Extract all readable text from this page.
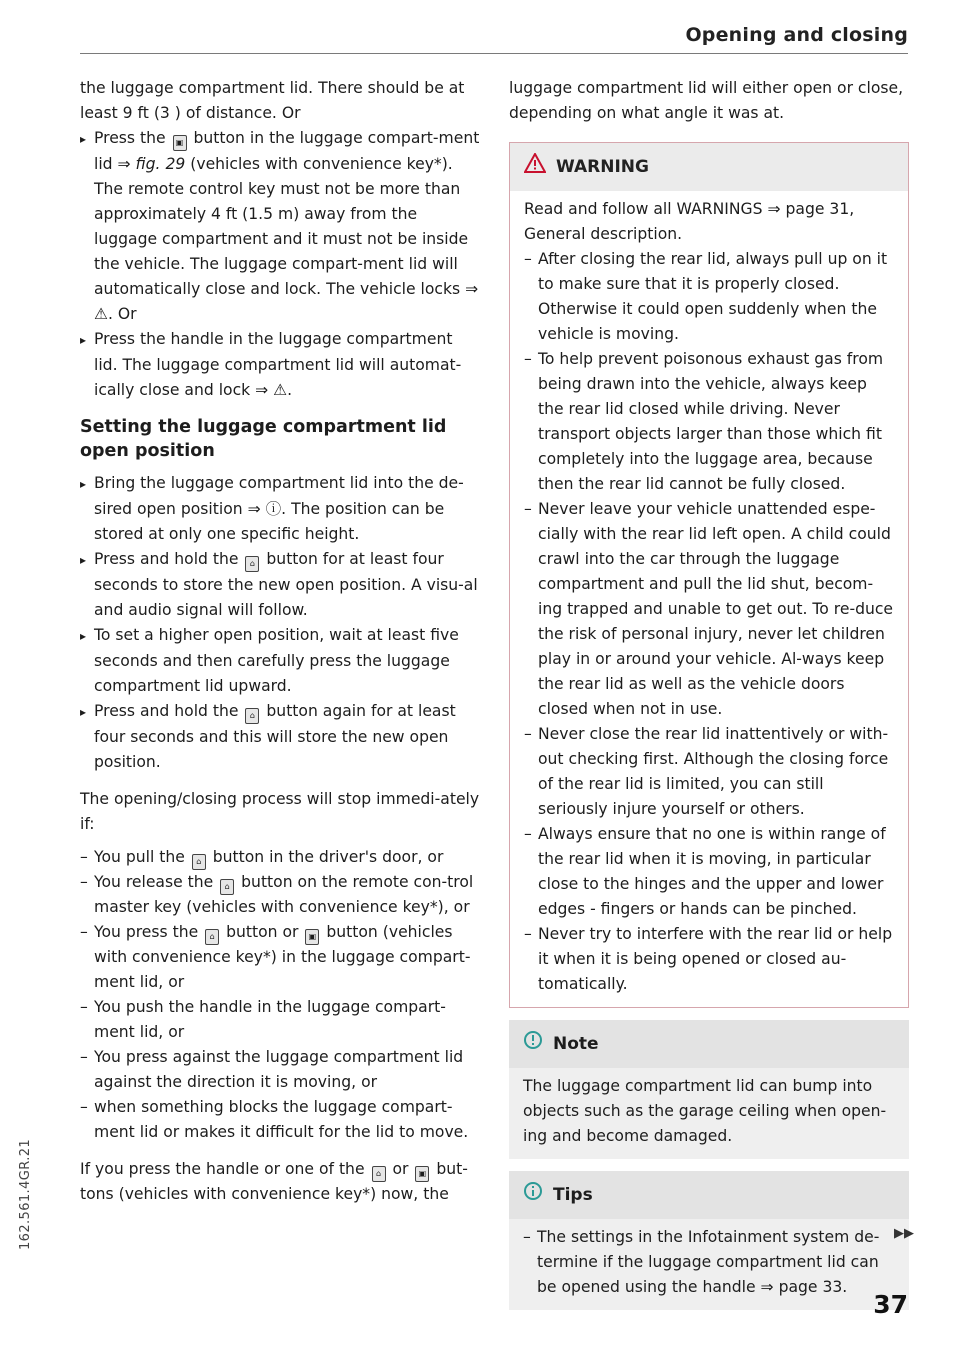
Opening and closing

the luggage compartment lid. There should be at least 9 ft (3 ) of distance. Or

▸ Press the ▣ button in the luggage compart-ment lid ⇒ fig. 29 (vehicles with convenience key*). The remote control key must not be more than approximately 4 ft (1.5 m) away from the luggage compartment and it must not be inside the vehicle. The luggage compart-ment lid will automatically close and lock. The vehicle locks ⇒ ⚠. Or

▸ Press the handle in the luggage compartment lid. The luggage compartment lid will automat-ically close and lock ⇒ ⚠.

Setting the luggage compartment lid open position

▸ Bring the luggage compartment lid into the de-sired open position ⇒ ⓘ. The position can be stored at only one specific height.

▸ Press and hold the ⌂ button for at least four seconds to store the new open position. A visu-al and audio signal will follow.

▸ To set a higher open position, wait at least five seconds and then carefully press the luggage compartment lid upward.

▸ Press and hold the ⌂ button again for at least four seconds and this will store the new open position.

The opening/closing process will stop immedi-ately if:

– You pull the ⌂ button in the driver's door, or

– You release the ⌂ button on the remote con-trol master key (vehicles with convenience key*), or

– You press the ⌂ button or ▣ button (vehicles with convenience key*) in the luggage compart-ment lid, or

– You push the handle in the luggage compart-ment lid, or

– You press against the luggage compartment lid against the direction it is moving, or

– when something blocks the luggage compart-ment lid or makes it difficult for the lid to move.

If you press the handle or one of the ⌂ or ▣ but-tons (vehicles with convenience key*) now, the

luggage compartment lid will either open or close, depending on what angle it was at.

WARNING

Read and follow all WARNINGS ⇒ page 31, General description.

– After closing the rear lid, always pull up on it to make sure that it is properly closed. Otherwise it could open suddenly when the vehicle is moving.

– To help prevent poisonous exhaust gas from being drawn into the vehicle, always keep the rear lid closed while driving. Never transport objects larger than those which fit completely into the luggage area, because then the rear lid cannot be fully closed.

– Never leave your vehicle unattended espe-cially with the rear lid left open. A child could crawl into the car through the luggage compartment and pull the lid shut, becom-ing trapped and unable to get out. To re-duce the risk of personal injury, never let children play in or around your vehicle. Al-ways keep the rear lid as well as the vehicle doors closed when not in use.

– Never close the rear lid inattentively or with-out checking first. Although the closing force of the rear lid is limited, you can still seriously injure yourself or others.

– Always ensure that no one is within range of the rear lid when it is moving, in particular close to the hinges and the upper and lower edges - fingers or hands can be pinched.

– Never try to interfere with the rear lid or help it when it is being opened or closed au-tomatically.

Note

The luggage compartment lid can bump into objects such as the garage ceiling when open-ing and become damaged.

Tips

– The settings in the Infotainment system de-termine if the luggage compartment lid can be opened using the handle ⇒ page 33.

▶▶
37
162.561.4GR.21
